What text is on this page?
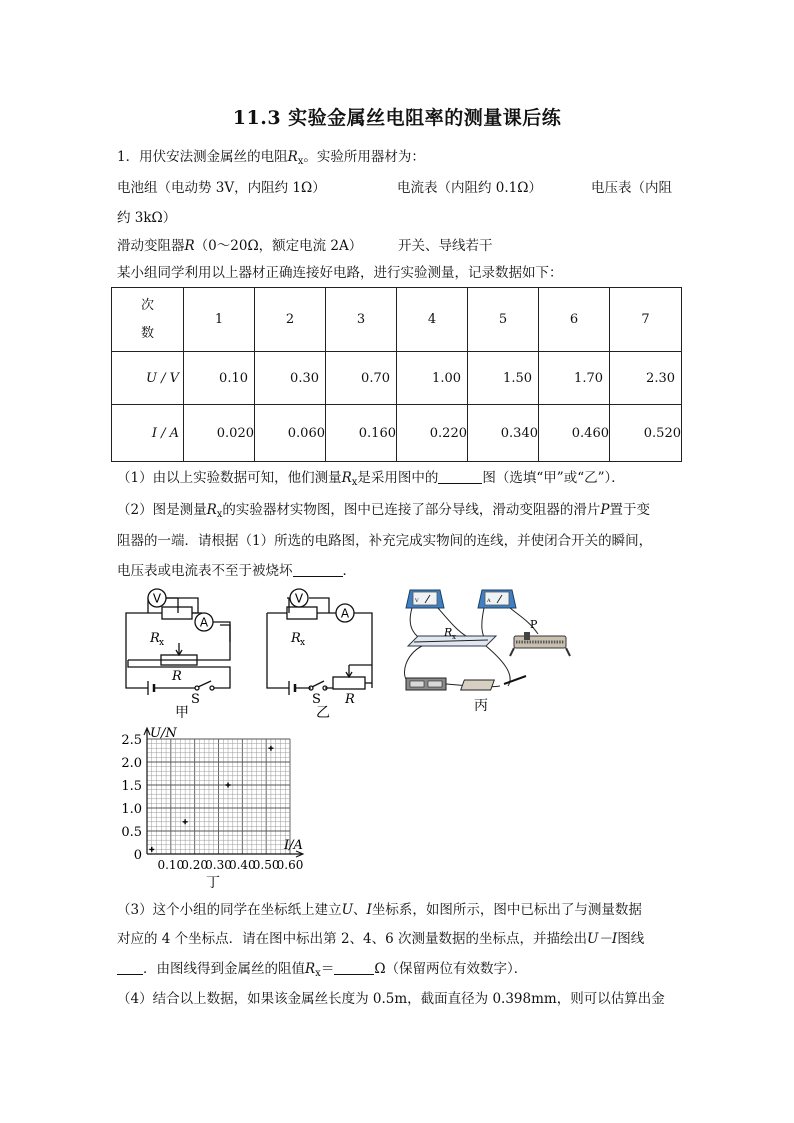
11.3 实验金属丝电阻率的测量课后练
1．用伏安法测金属丝的电阻$R_x$。实验所用器材为：
电池组（电动势 3V，内阻约 1Ω）	电流表（内阻约 0.1Ω）	电压表（内阻
约 3kΩ）
滑动变阻器R（0～20Ω，额定电流 2A）	开关、导线若干
某小组同学利用以上器材正确连接好电路，进行实验测量，记录数据如下：
次
数	1	2	3	4	5	6	7
U / V	0.10	0.30	0.70	1.00	1.50	1.70	2.30
I / A	0.020	0.060	0.160	0.220	0.340	0.460	0.520
（1）由以上实验数据可知，他们测量$R_x$是采用图中的	图（选填“甲”或“乙”）．
（2）图是测量$R_x$的实验器材实物图，图中已连接了部分导线，滑动变阻器的滑片P置于变
阻器的一端．请根据（1）所选的电路图，补充完成实物间的连线，并使闭合开关的瞬间，
电压表或电流表不至于被烧坏	．
V
A
R x
R
S
甲
V
A
R x
S R
乙
V	A
R x
P
丙
2.5
2.0
1.5
1.0
0.5
0
0.10
0.20
0.30
0.40
0.50
0.60
U/N
I/A
丁
（3）这个小组的同学在坐标纸上建立U、I坐标系，如图所示，图中已标出了与测量数据
对应的 4 个坐标点．请在图中标出第 2、4、6 次测量数据的坐标点，并描绘出U－I图线
．由图线得到金属丝的阻值$R_x=$	Ω（保留两位有效数字）．
（4）结合以上数据，如果该金属丝长度为 0.5m，截面直径为 0.398mm，则可以估算出金
